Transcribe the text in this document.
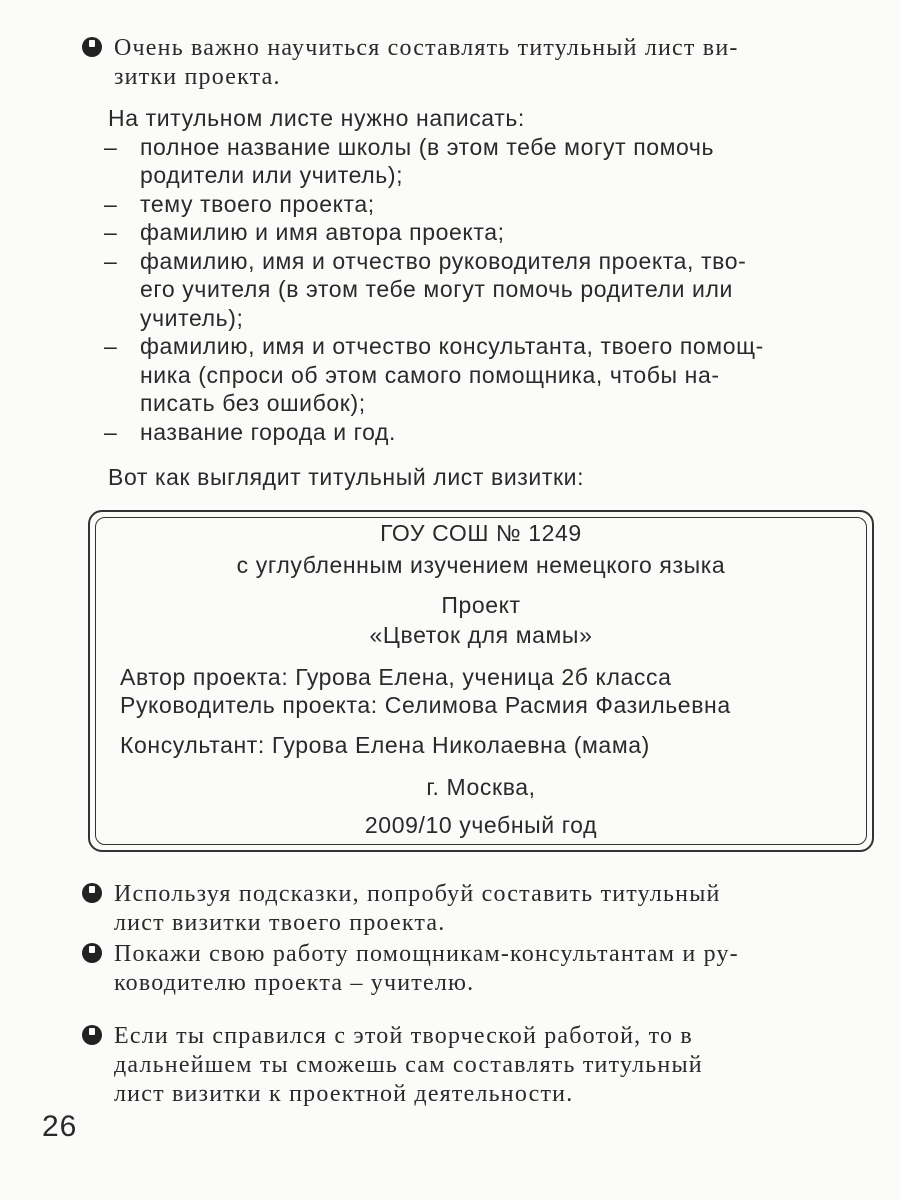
Очень важно научиться составлять титульный лист ви-
зитки проекта.
На титульном листе нужно написать:
– полное название школы (в этом тебе могут помочь
родители или учитель);
– тему твоего проекта;
– фамилию и имя автора проекта;
– фамилию, имя и отчество руководителя проекта, тво-
его учителя (в этом тебе могут помочь родители или
учитель);
– фамилию, имя и отчество консультанта, твоего помощ-
ника (спроси об этом самого помощника, чтобы на-
писать без ошибок);
– название города и год.
Вот как выглядит титульный лист визитки:
ГОУ СОШ № 1249
с углубленным изучением немецкого языка
Проект
«Цветок для мамы»
Автор проекта: Гурова Елена, ученица 2б класса
Руководитель проекта: Селимова Расмия Фазильевна
Консультант: Гурова Елена Николаевна (мама)
г. Москва,
2009/10 учебный год
Используя подсказки, попробуй составить титульный
лист визитки твоего проекта.
Покажи свою работу помощникам-консультантам и ру-
ководителю проекта – учителю.
Если ты справился с этой творческой работой, то в
дальнейшем ты сможешь сам составлять титульный
лист визитки к проектной деятельности.
26
